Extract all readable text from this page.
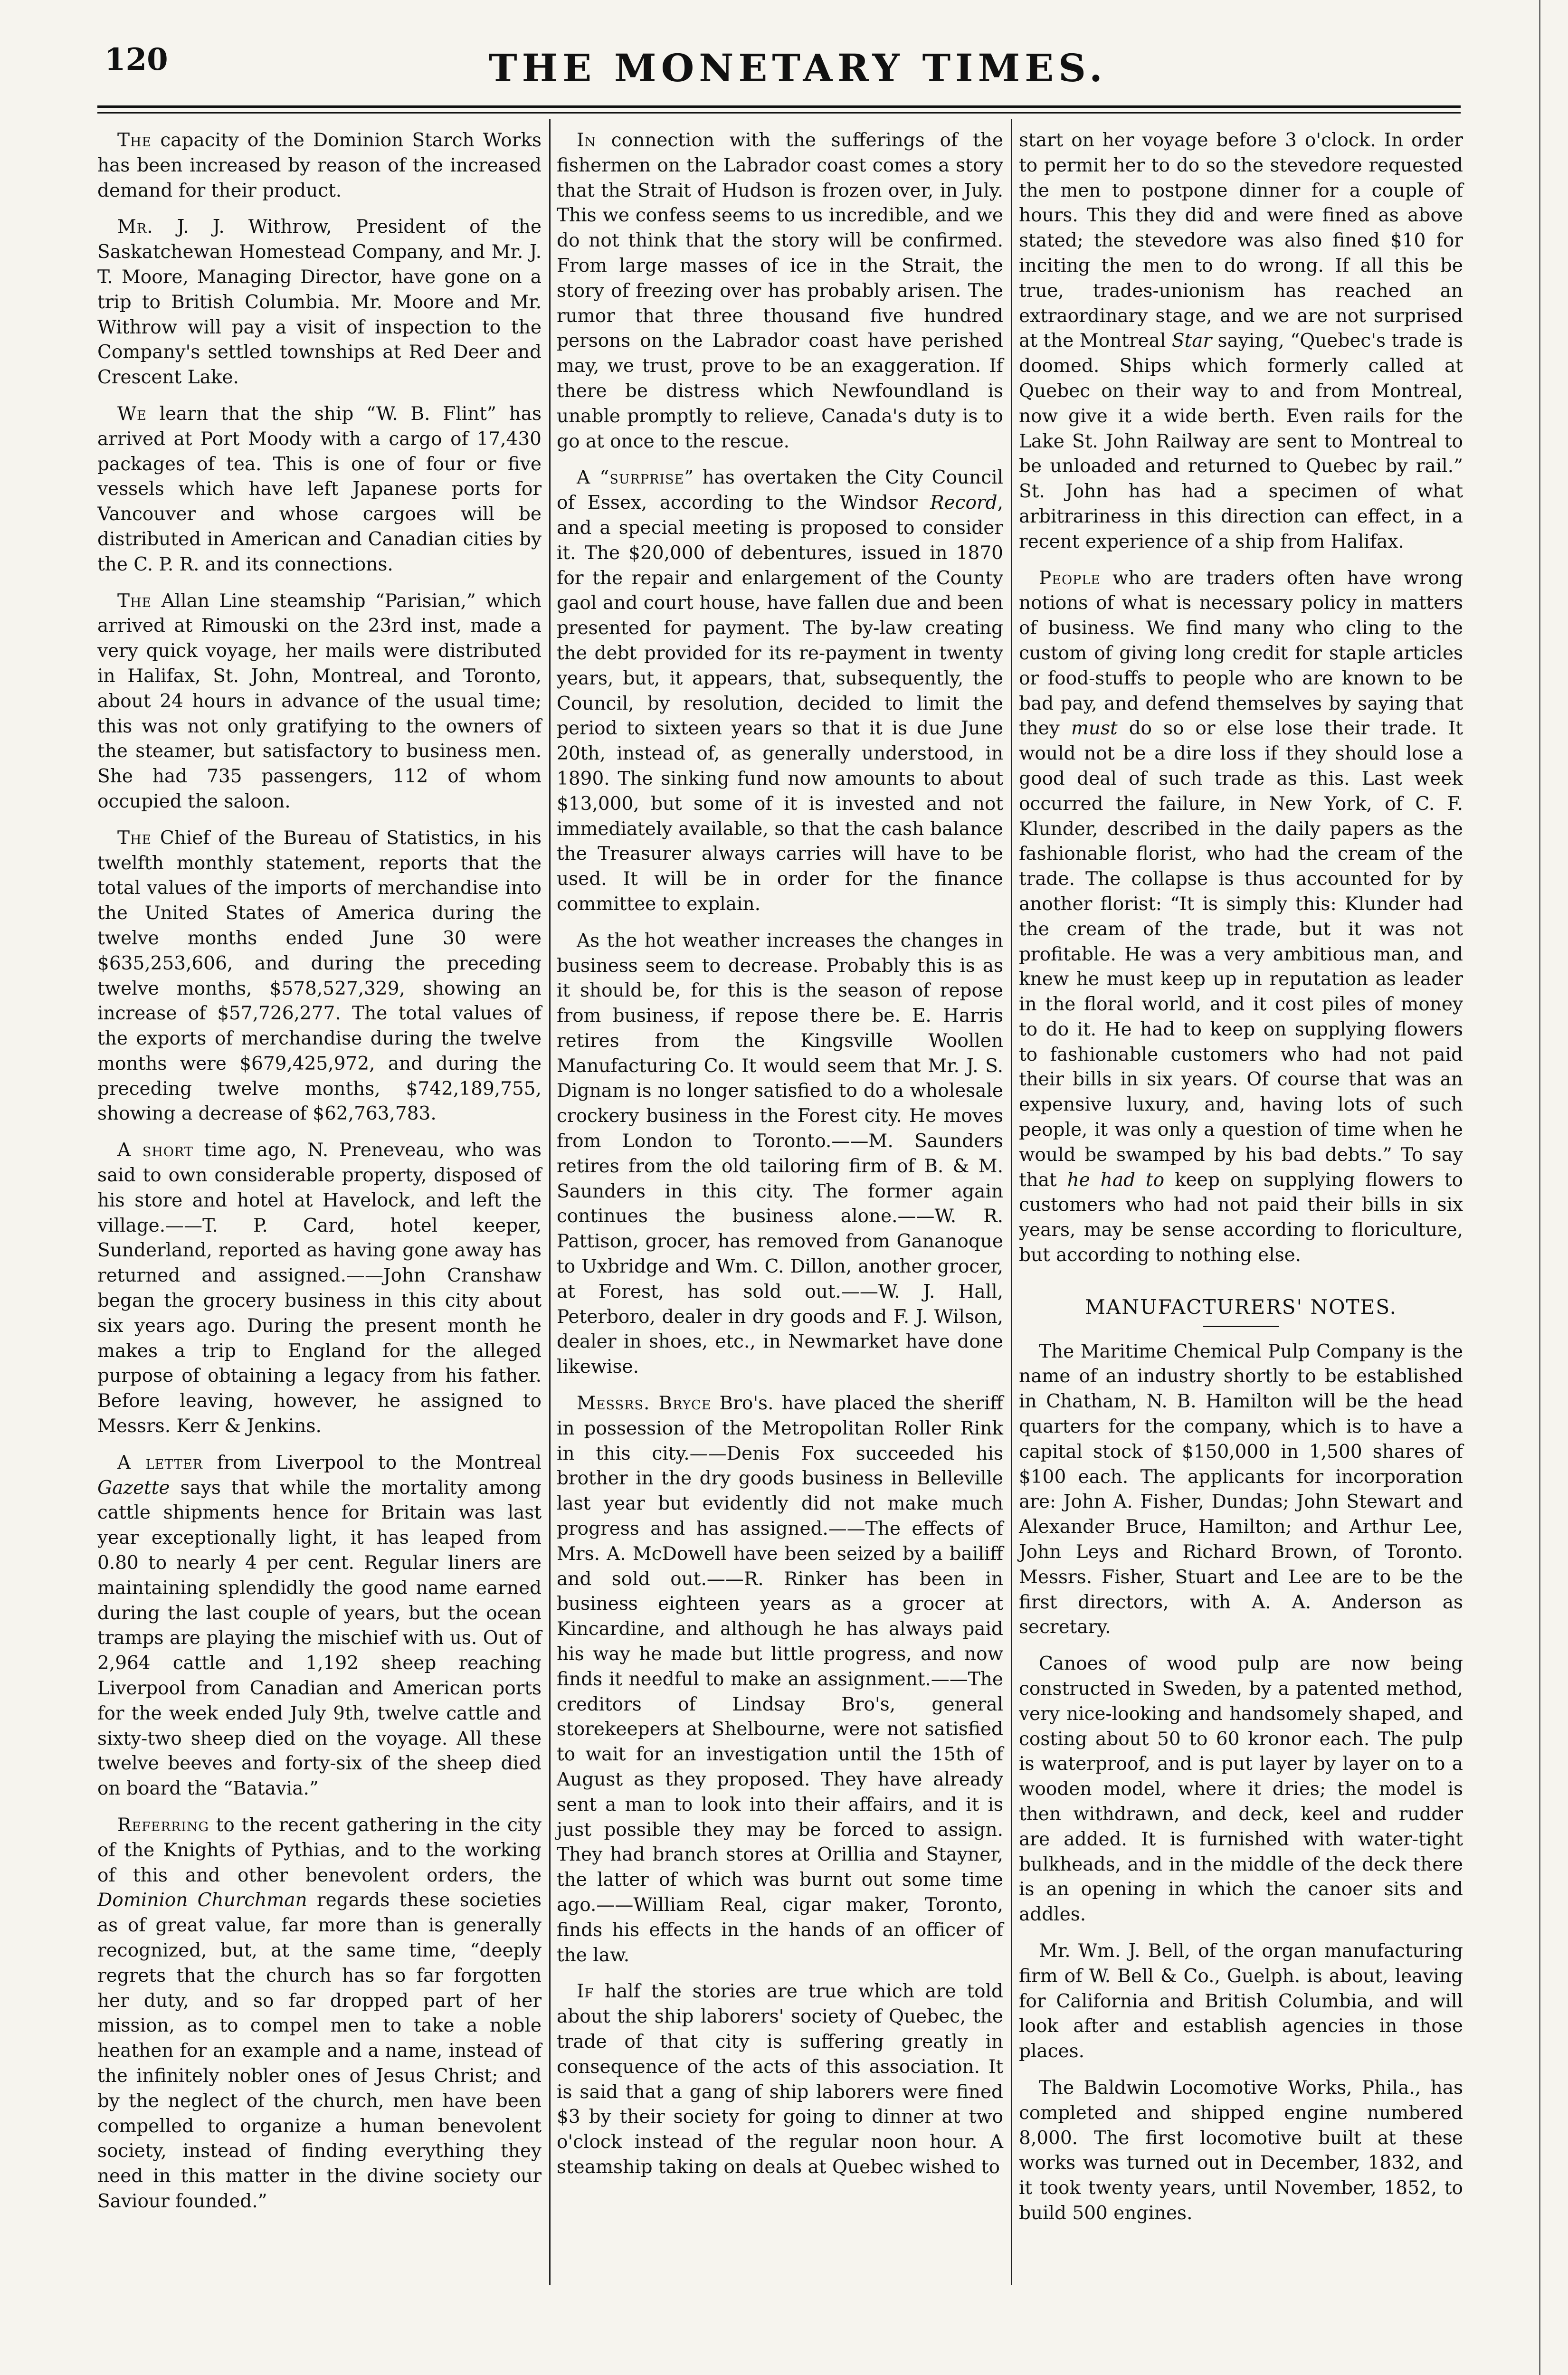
120	THE MONETARY TIMES.

The capacity of the Dominion Starch Works has been increased by reason of the increased demand for their product.

Mr. J. J. Withrow, President of the Saskatchewan Homestead Company, and Mr. J. T. Moore, Managing Director, have gone on a trip to British Columbia. Mr. Moore and Mr. Withrow will pay a visit of inspection to the Company's settled townships at Red Deer and Crescent Lake.

We learn that the ship “W. B. Flint” has arrived at Port Moody with a cargo of 17,430 packages of tea. This is one of four or five vessels which have left Japanese ports for Vancouver and whose cargoes will be distributed in American and Canadian cities by the C. P. R. and its connections.

The Allan Line steamship “Parisian,” which arrived at Rimouski on the 23rd inst, made a very quick voyage, her mails were distributed in Halifax, St. John, Montreal, and Toronto, about 24 hours in advance of the usual time; this was not only gratifying to the owners of the steamer, but satisfactory to business men. She had 735 passengers, 112 of whom occupied the saloon.

The Chief of the Bureau of Statistics, in his twelfth monthly statement, reports that the total values of the imports of merchandise into the United States of America during the twelve months ended June 30 were $635,253,606, and during the preceding twelve months, $578,527,329, showing an increase of $57,726,277. The total values of the exports of merchandise during the twelve months were $679,425,972, and during the preceding twelve months, $742,189,755, showing a decrease of $62,763,783.

A short time ago, N. Preneveau, who was said to own considerable property, disposed of his store and hotel at Havelock, and left the village.——T. P. Card, hotel keeper, Sunderland, reported as having gone away has returned and assigned.——John Cranshaw began the grocery business in this city about six years ago. During the present month he makes a trip to England for the alleged purpose of obtaining a legacy from his father. Before leaving, however, he assigned to Messrs. Kerr & Jenkins.

A letter from Liverpool to the Montreal Gazette says that while the mortality among cattle shipments hence for Britain was last year exceptionally light, it has leaped from 0.80 to nearly 4 per cent. Regular liners are maintaining splendidly the good name earned during the last couple of years, but the ocean tramps are playing the mischief with us. Out of 2,964 cattle and 1,192 sheep reaching Liverpool from Canadian and American ports for the week ended July 9th, twelve cattle and sixty-two sheep died on the voyage. All these twelve beeves and forty-six of the sheep died on board the “Batavia.”

Referring to the recent gathering in the city of the Knights of Pythias, and to the working of this and other benevolent orders, the Dominion Churchman regards these societies as of great value, far more than is generally recognized, but, at the same time, “deeply regrets that the church has so far forgotten her duty, and so far dropped part of her mission, as to compel men to take a noble heathen for an example and a name, instead of the infinitely nobler ones of Jesus Christ; and by the neglect of the church, men have been compelled to organize a human benevolent society, instead of finding everything they need in this matter in the divine society our Saviour founded.”

In connection with the sufferings of the fishermen on the Labrador coast comes a story that the Strait of Hudson is frozen over, in July. This we confess seems to us incredible, and we do not think that the story will be confirmed. From large masses of ice in the Strait, the story of freezing over has probably arisen. The rumor that three thousand five hundred persons on the Labrador coast have perished may, we trust, prove to be an exaggeration. If there be distress which Newfoundland is unable promptly to relieve, Canada's duty is to go at once to the rescue.

A “surprise” has overtaken the City Council of Essex, according to the Windsor Record, and a special meeting is proposed to consider it. The $20,000 of debentures, issued in 1870 for the repair and enlargement of the County gaol and court house, have fallen due and been presented for payment. The by-law creating the debt provided for its re-payment in twenty years, but, it appears, that, subsequently, the Council, by resolution, decided to limit the period to sixteen years so that it is due June 20th, instead of, as generally understood, in 1890. The sinking fund now amounts to about $13,000, but some of it is invested and not immediately available, so that the cash balance the Treasurer always carries will have to be used. It will be in order for the finance committee to explain.

As the hot weather increases the changes in business seem to decrease. Probably this is as it should be, for this is the season of repose from business, if repose there be. E. Harris retires from the Kingsville Woollen Manufacturing Co. It would seem that Mr. J. S. Dignam is no longer satisfied to do a wholesale crockery business in the Forest city. He moves from London to Toronto.——M. Saunders retires from the old tailoring firm of B. & M. Saunders in this city. The former again continues the business alone.——W. R. Pattison, grocer, has removed from Gananoque to Uxbridge and Wm. C. Dillon, another grocer, at Forest, has sold out.——W. J. Hall, Peterboro, dealer in dry goods and F. J. Wilson, dealer in shoes, etc., in Newmarket have done likewise.

Messrs. Bryce Bro's. have placed the sheriff in possession of the Metropolitan Roller Rink in this city.——Denis Fox succeeded his brother in the dry goods business in Belleville last year but evidently did not make much progress and has assigned.——The effects of Mrs. A. McDowell have been seized by a bailiff and sold out.——R. Rinker has been in business eighteen years as a grocer at Kincardine, and although he has always paid his way he made but little progress, and now finds it needful to make an assignment.——The creditors of Lindsay Bro's, general storekeepers at Shelbourne, were not satisfied to wait for an investigation until the 15th of August as they proposed. They have already sent a man to look into their affairs, and it is just possible they may be forced to assign. They had branch stores at Orillia and Stayner, the latter of which was burnt out some time ago.——William Real, cigar maker, Toronto, finds his effects in the hands of an officer of the law.

If half the stories are true which are told about the ship laborers' society of Quebec, the trade of that city is suffering greatly in consequence of the acts of this association. It is said that a gang of ship laborers were fined $3 by their society for going to dinner at two o'clock instead of the regular noon hour. A steamship taking on deals at Quebec wished to

start on her voyage before 3 o'clock. In order to permit her to do so the stevedore requested the men to postpone dinner for a couple of hours. This they did and were fined as above stated; the stevedore was also fined $10 for inciting the men to do wrong. If all this be true, trades-unionism has reached an extraordinary stage, and we are not surprised at the Montreal Star saying, “Quebec's trade is doomed. Ships which formerly called at Quebec on their way to and from Montreal, now give it a wide berth. Even rails for the Lake St. John Railway are sent to Montreal to be unloaded and returned to Quebec by rail.” St. John has had a specimen of what arbitrariness in this direction can effect, in a recent experience of a ship from Halifax.

People who are traders often have wrong notions of what is necessary policy in matters of business. We find many who cling to the custom of giving long credit for staple articles or food-stuffs to people who are known to be bad pay, and defend themselves by saying that they must do so or else lose their trade. It would not be a dire loss if they should lose a good deal of such trade as this. Last week occurred the failure, in New York, of C. F. Klunder, described in the daily papers as the fashionable florist, who had the cream of the trade. The collapse is thus accounted for by another florist: “It is simply this: Klunder had the cream of the trade, but it was not profitable. He was a very ambitious man, and knew he must keep up in reputation as leader in the floral world, and it cost piles of money to do it. He had to keep on supplying flowers to fashionable customers who had not paid their bills in six years. Of course that was an expensive luxury, and, having lots of such people, it was only a question of time when he would be swamped by his bad debts.” To say that he had to keep on supplying flowers to customers who had not paid their bills in six years, may be sense according to floriculture, but according to nothing else.

MANUFACTURERS' NOTES.

The Maritime Chemical Pulp Company is the name of an industry shortly to be established in Chatham, N. B. Hamilton will be the head quarters for the company, which is to have a capital stock of $150,000 in 1,500 shares of $100 each. The applicants for incorporation are: John A. Fisher, Dundas; John Stewart and Alexander Bruce, Hamilton; and Arthur Lee, John Leys and Richard Brown, of Toronto. Messrs. Fisher, Stuart and Lee are to be the first directors, with A. A. Anderson as secretary.

Canoes of wood pulp are now being constructed in Sweden, by a patented method, very nice-looking and handsomely shaped, and costing about 50 to 60 kronor each. The pulp is waterproof, and is put layer by layer on to a wooden model, where it dries; the model is then withdrawn, and deck, keel and rudder are added. It is furnished with water-tight bulkheads, and in the middle of the deck there is an opening in which the canoer sits and addles.

Mr. Wm. J. Bell, of the organ manufacturing firm of W. Bell & Co., Guelph. is about, leaving for California and British Columbia, and will look after and establish agencies in those places.

The Baldwin Locomotive Works, Phila., has completed and shipped engine numbered 8,000. The first locomotive built at these works was turned out in December, 1832, and it took twenty years, until November, 1852, to build 500 engines.
